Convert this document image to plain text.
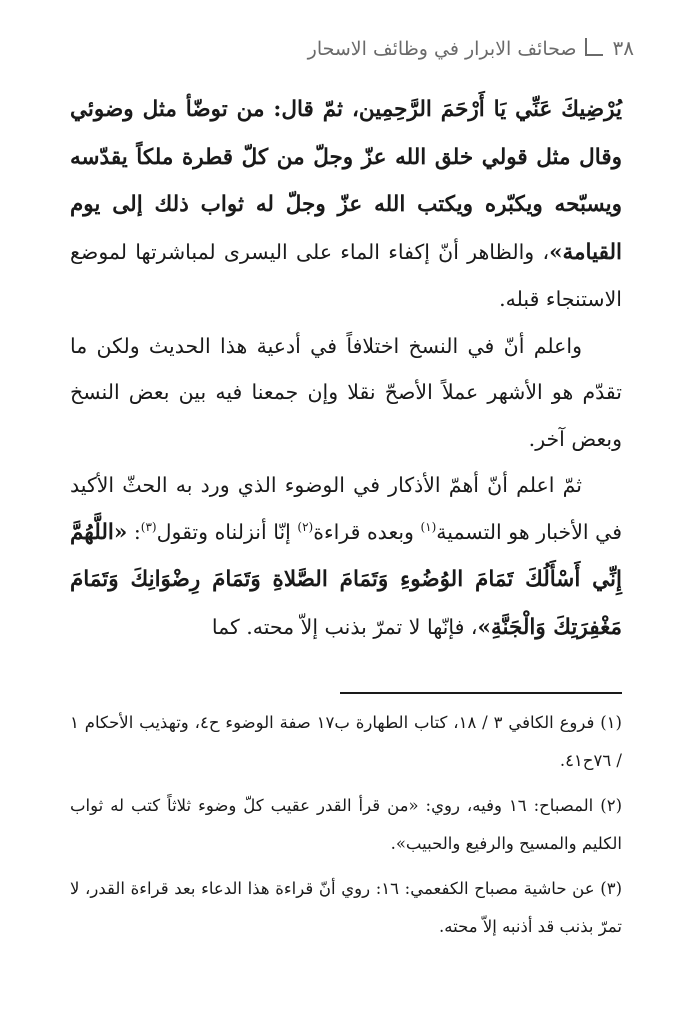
٣٨
صحائف الابرار في وظائف الاسحار

يُرْضِيكَ عَنِّي يَا أَرْحَمَ الرَّحِمِين، ثمّ قال: من توضّأ مثل وضوئي وقال مثل قولي خلق الله عزّ وجلّ من كلّ قطرة ملكاً يقدّسه ويسبّحه ويكبّره ويكتب الله عزّ وجلّ له ثواب ذلك إلى يوم القيامة»، والظاهر أنّ إكفاء الماء على اليسرى لمباشرتها لموضع الاستنجاء قبله.

واعلم أنّ في النسخ اختلافاً في أدعية هذا الحديث ولكن ما تقدّم هو الأشهر عملاً الأصحّ نقلا وإن جمعنا فيه بين بعض النسخ وبعض آخر.

ثمّ اعلم أنّ أهمّ الأذكار في الوضوء الذي ورد به الحثّ الأكيد في الأخبار هو التسمية$^{(١)}$ وبعده قراءة$^{(٢)}$ إنّا أنزلناه وتقول$^{(٣)}$: «اللَّهُمَّ إِنِّي أَسْأَلُكَ تَمَامَ الوُضُوءِ وَتَمَامَ الصَّلاةِ وَتَمَامَ رِضْوَانِكَ وَتَمَامَ مَغْفِرَتِكَ وَالْجَنَّةِ»، فإنّها لا تمرّ بذنب إلاّ محته. كما

(١) فروع الكافي ٣ / ١٨، كتاب الطهارة ب١٧ صفة الوضوء ح٤، وتهذيب الأحكام ١ / ٧٦ح٤١.

(٢) المصباح: ١٦ وفيه، روي: «من قرأ القدر عقيب كلّ وضوء ثلاثاً كتب له ثواب الكليم والمسيح والرفيع والحبيب».

(٣) عن حاشية مصباح الكفعمي: ١٦: روي أنّ قراءة هذا الدعاء بعد قراءة القدر، لا تمرّ بذنب قد أذنبه إلاّ محته.
